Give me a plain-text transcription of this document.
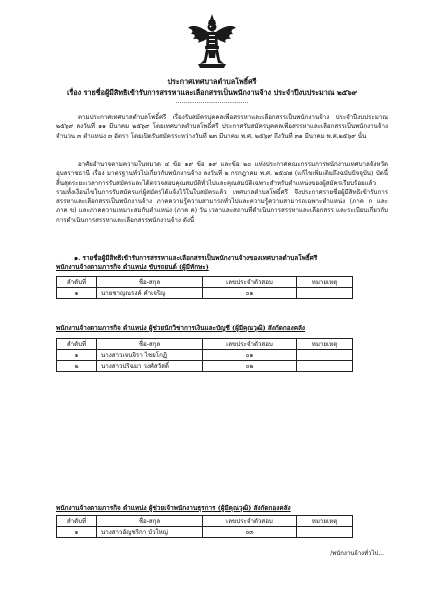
ประกาศเทศบาลตำบลโพธิ์ศรี
เรื่อง รายชื่อผู้มีสิทธิเข้ารับการสรรหาและเลือกสรรเป็นพนักงานจ้าง ประจำปีงบประมาณ ๒๕๖๙
......................................

ตามประกาศเทศบาลตำบลโพธิ์ศรี เรื่องรับสมัครบุคคลเพื่อสรรหาและเลือกสรรเป็นพนักงานจ้าง ประจำปีงบประมาณ ๒๕๖๙ ลงวันที่ ๑๑ มีนาคม ๒๕๖๙ โดยเทศบาลตำบลโพธิ์ศรี ประกาศรับสมัครบุคคลเพื่อสรรหาและเลือกสรรเป็นพนักงานจ้าง จำนวน ๓ ตำแหน่ง ๓ อัตรา โดยเปิดรับสมัครระหว่างวันที่ ๒๓ มีนาคม พ.ศ. ๒๕๖๙ ถึงวันที่ ๓๑ มีนาคม พ.ศ.๒๕๖๙ นั้น

อาศัยอำนาจตามความในหมวด ๔ ข้อ ๑๙ ข้อ ๑๙ และข้อ ๒๐ แห่งประกาศคณะกรรมการพนักงานเทศบาลจังหวัดอุบลราชธานี เรื่อง มาตรฐานทั่วไปเกี่ยวกับพนักงานจ้าง ลงวันที่ ๒ กรกฎาคม พ.ศ. ๒๕๔๗ (แก้ไขเพิ่มเติมถึงฉบับปัจจุบัน) บัดนี้สิ้นสุดระยะเวลาการรับสมัครและได้ตรวจสอบคุณสมบัติทั่วไปและคุณสมบัติเฉพาะสำหรับตำแหน่งของผู้สมัครเรียบร้อยแล้ว รวมทั้งเงื่อนไขในการรับสมัครแก่ผู้สมัครได้แจ้งไว้ในใบสมัครแล้ว เทศบาลตำบลโพธิ์ศรี จึงประกาศรายชื่อผู้มีสิทธิเข้ารับการสรรหาและเลือกสรรเป็นพนักงานจ้าง ภาคความรู้ความสามารถทั่วไปและความรู้ความสามารถเฉพาะตำแหน่ง (ภาค ก และ ภาค ข) และภาคความเหมาะสมกับตำแหน่ง (ภาค ค) วัน เวลาและสถานที่ดำเนินการสรรหาและเลือกสรร และระเบียบเกี่ยวกับการดำเนินการสรรหาและเลือกสรรพนักงานจ้าง ดังนี้

๑. รายชื่อผู้มีสิทธิเข้ารับการสรรหาและเลือกสรรเป็นพนักงานจ้างของเทศบาลตำบลโพธิ์ศรี
พนักงานจ้างตามภารกิจ ตำแหน่ง ขับรถยนต์ (ผู้มีทักษะ)
ลำดับที่	ชื่อ-สกุล	เลขประจำตัวสอบ	หมายเหตุ
๑	นายชาญณรงค์ คำเจริญ	๐๑	
พนักงานจ้างตามภารกิจ ตำแหน่ง ผู้ช่วยนักวิชาการเงินและบัญชี (ผู้มีคุณวุฒิ) สังกัดกองคลัง
ลำดับที่	ชื่อ-สกุล	เลขประจำตัวสอบ	หมายเหตุ
๑	นางสาวเจนจิรา ไชยโกฏิ	๐๑	
๒	นางสาวปริฉมา วงศ์สวัสดิ์	๐๒	
พนักงานจ้างตามภารกิจ ตำแหน่ง ผู้ช่วยเจ้าพนักงานธุรการ (ผู้มีคุณวุฒิ) สังกัดกองคลัง
ลำดับที่	ชื่อ-สกุล	เลขประจำตัวสอบ	หมายเหตุ
๑	นางสาวอัญชริกา บัวใหญ่	๐๓	
/พนักงานจ้างทั่วไป...
